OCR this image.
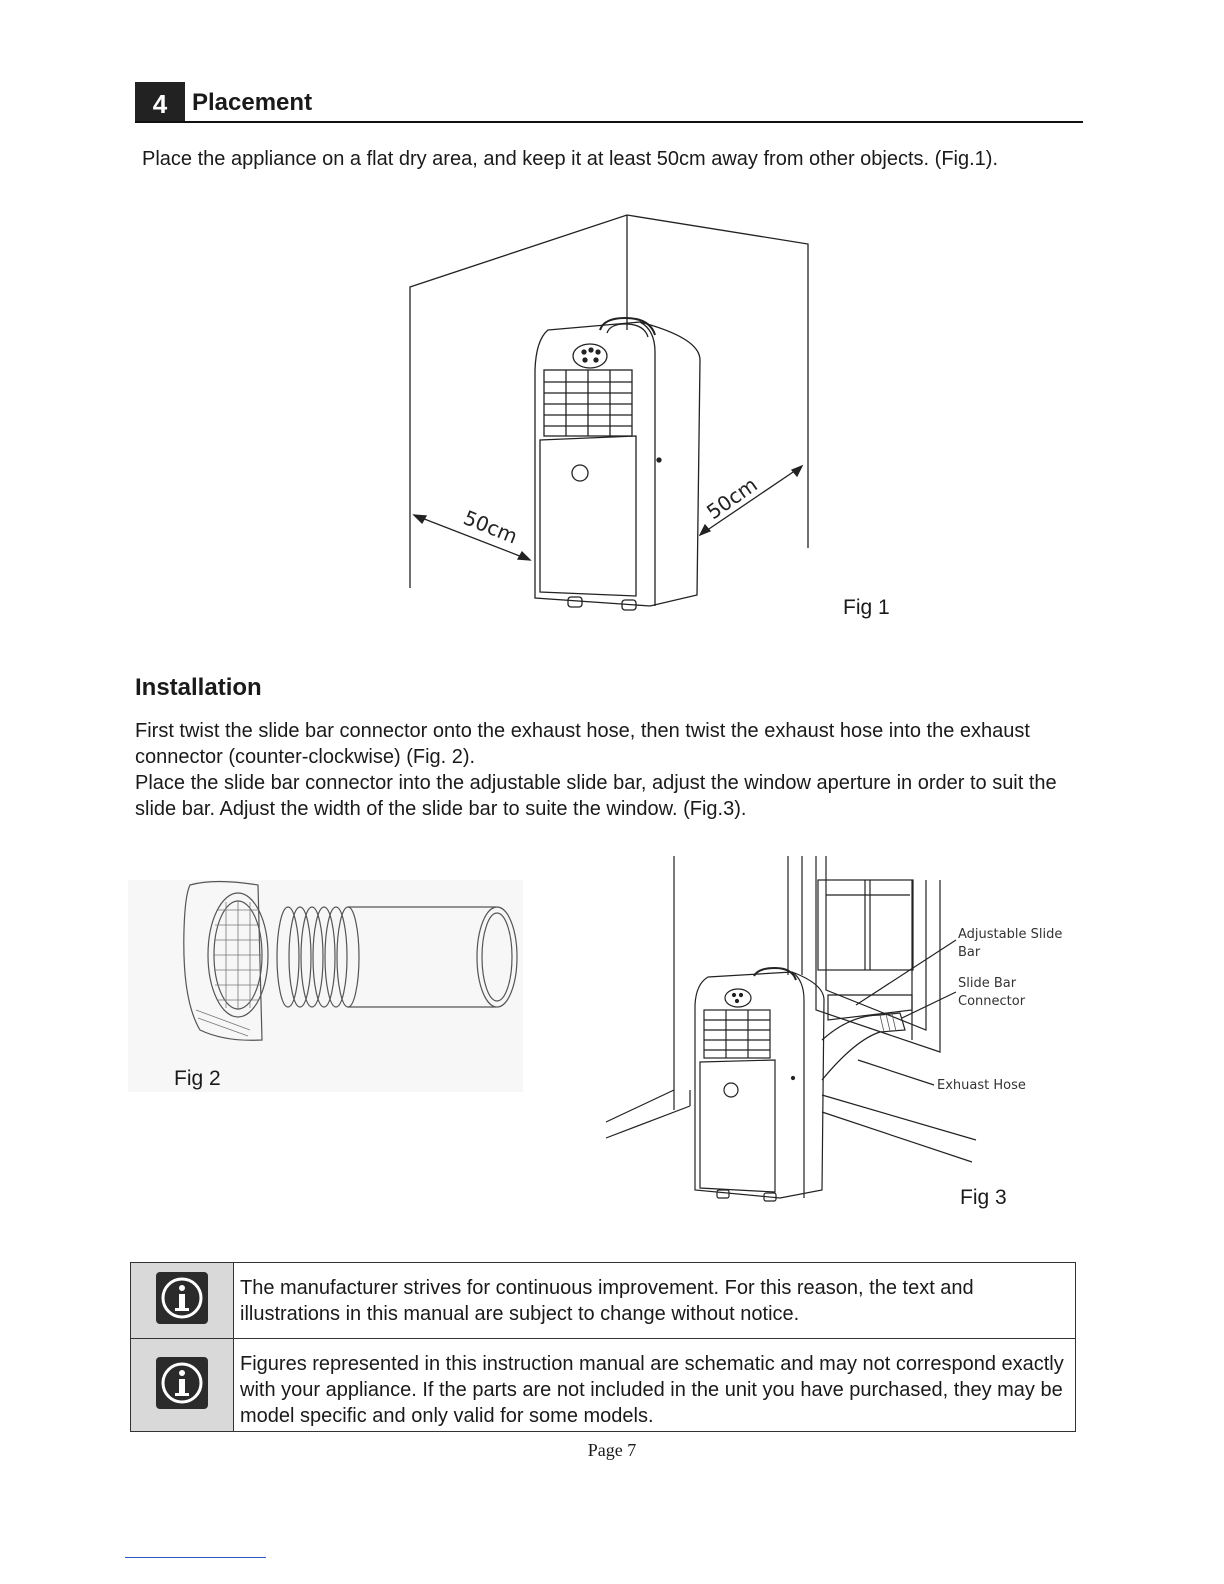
4	Placement

Place the appliance on a flat dry area, and keep it at least 50cm away from other objects. (Fig.1).

50cm
50cm
Fig 1
Installation

First twist the slide bar connector onto the exhaust hose, then twist the exhaust hose into the exhaust connector (counter-clockwise) (Fig. 2).

Place the slide bar connector into the adjustable slide bar, adjust the window aperture in order to suit the slide bar. Adjust the width of the slide bar to suite the window. (Fig.3).

Fig 2
Adjustable Slide
Bar
Slide Bar
Connector
Exhuast Hose
Fig 3
	The manufacturer strives for continuous improvement. For this reason, the text and illustrations in this manual are subject to change without notice.
	Figures represented in this instruction manual are schematic and may not correspond exactly with your appliance. If the parts are not included in the unit you have purchased, they may be model specific and only valid for some models.
Page 7
